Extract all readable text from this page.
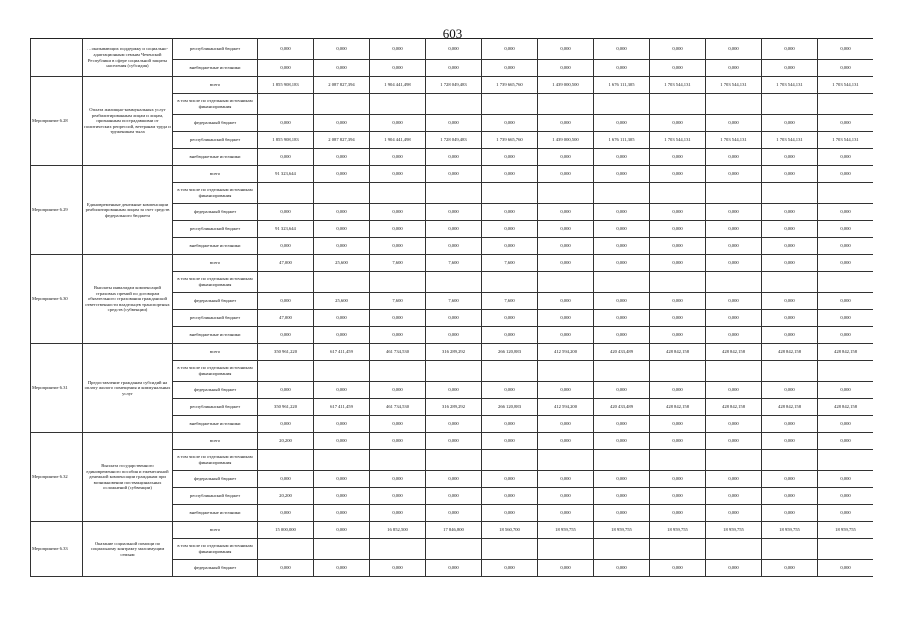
603
	…оказывающих поддержку и социально-адаптационным семьям Чеченской Республики в сфере социальной защиты населения (субсидия)	республиканский бюджет	0,000	0,000	0,000	0,000	0,000	0,000	0,000	0,000	0,000	0,000	0,000
		внебюджетные источники	0,000	0,000	0,000	0,000	0,000	0,000	0,000	0,000	0,000	0,000	0,000
Мероприятие 6.28	Оплата жилищно-коммунальных услуг реабилитированным лицам и лицам, признанным пострадавшими от политических репрессий, ветеранам труда и труженикам тыла	всего	1 855 908,183	2 087 827,394	1 904 441,498	1 728 049,483	1 739 665,760	1 439 000,500	1 676 111,305	1 703 544,131	1 703 544,131	1 703 544,131	1 703 544,131
		в том числе по отдельным источникам финансирования											
		федеральный бюджет	0,000	0,000	0,000	0,000	0,000	0,000	0,000	0,000	0,000	0,000	0,000
		республиканский бюджет	1 855 908,183	2 087 827,394	1 904 441,498	1 728 049,483	1 739 665,760	1 439 000,500	1 676 111,305	1 703 544,131	1 703 544,131	1 703 544,131	1 703 544,131
		внебюджетные источники	0,000	0,000	0,000	0,000	0,000	0,000	0,000	0,000	0,000	0,000	0,000
Мероприятие 6.29	Единовременные денежные компенсации реабилитированным лицам за счет средств федерального бюджета	всего	91 323,644	0,000	0,000	0,000	0,000	0,000	0,000	0,000	0,000	0,000	0,000
		в том числе по отдельным источникам финансирования											
		федеральный бюджет	0,000	0,000	0,000	0,000	0,000	0,000	0,000	0,000	0,000	0,000	0,000
		республиканский бюджет	91 323,644	0,000	0,000	0,000	0,000	0,000	0,000	0,000	0,000	0,000	0,000
		внебюджетные источники	0,000	0,000	0,000	0,000	0,000	0,000	0,000	0,000	0,000	0,000	0,000
Мероприятие 6.30	Выплаты инвалидам компенсаций страховых премий по договорам обязательного страхования гражданской ответственности владельцев транспортных средств (субвенции)	всего	47,000	25,600	7,600	7,600	7,600	0,000	0,000	0,000	0,000	0,000	0,000
		в том числе по отдельным источникам финансирования											
		федеральный бюджет	0,000	25,600	7,600	7,600	7,600	0,000	0,000	0,000	0,000	0,000	0,000
		республиканский бюджет	47,000	0,000	0,000	0,000	0,000	0,000	0,000	0,000	0,000	0,000	0,000
		внебюджетные источники	0,000	0,000	0,000	0,000	0,000	0,000	0,000	0,000	0,000	0,000	0,000
Мероприятие 6.31	Предоставление гражданам субсидий на оплату жилого помещения и коммунальных услуг	всего	350 961,220	617 411,459	461 734,530	316 289,292	266 120,883	412 594,200	420 433,489	428 842,158	428 842,158	428 842,158	428 842,158
		в том числе по отдельным источникам финансирования											
		федеральный бюджет	0,000	0,000	0,000	0,000	0,000	0,000	0,000	0,000	0,000	0,000	0,000
		республиканский бюджет	350 961,220	617 411,459	461 734,530	316 289,292	266 120,883	412 594,200	420 433,489	428 842,158	428 842,158	428 842,158	428 842,158
		внебюджетные источники	0,000	0,000	0,000	0,000	0,000	0,000	0,000	0,000	0,000	0,000	0,000
Мероприятие 6.32	Выплата государственного единовременного пособия и ежемесячной денежной компенсации гражданам при возникновении поствакцинальных осложнений (субвенции)	всего	20,200	0,000	0,000	0,000	0,000	0,000	0,000	0,000	0,000	0,000	0,000
		в том числе по отдельным источникам финансирования											
		федеральный бюджет	0,000	0,000	0,000	0,000	0,000	0,000	0,000	0,000	0,000	0,000	0,000
		республиканский бюджет	20,200	0,000	0,000	0,000	0,000	0,000	0,000	0,000	0,000	0,000	0,000
		внебюджетные источники	0,000	0,000	0,000	0,000	0,000	0,000	0,000	0,000	0,000	0,000	0,000
Мероприятие 6.33	Оказание социальной помощи по социальному контракту малоимущим семьям	всего	15 000,000	0,000	16 852,500	17 846,800	18 560,700	18 959,755	18 959,755	18 959,755	18 959,755	18 959,755	18 959,755
		в том числе по отдельным источникам финансирования											
		федеральный бюджет	0,000	0,000	0,000	0,000	0,000	0,000	0,000	0,000	0,000	0,000	0,000
